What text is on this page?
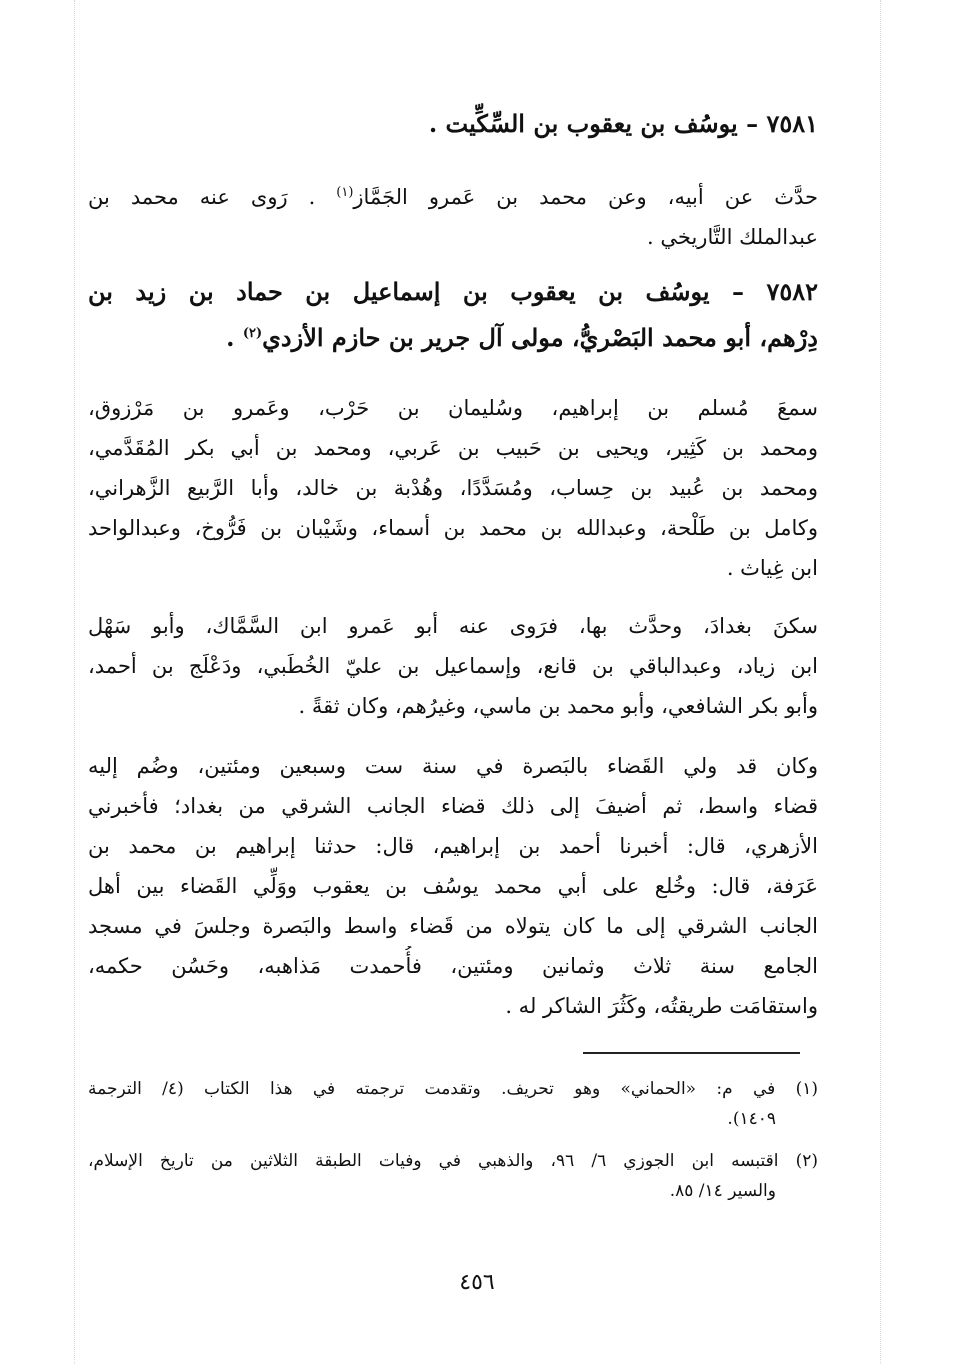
٧٥٨١ – يوسُف بن يعقوب بن السِّكِّيت .
حدَّث عن أبيه، وعن محمد بن عَمرو الجَمَّاز$^{(١)}$ . رَوى عنه محمد بن
عبدالملك التَّاريخي .
٧٥٨٢ – يوسُف بن يعقوب بن إسماعيل بن حماد بن زيد بن
دِرْهم، أبو محمد البَصْريُّ، مولى آل جرير بن حازم الأزدي$^{(٢)}$ .
سمعَ مُسلم بن إبراهيم، وسُليمان بن حَرْب، وعَمرو بن مَرْزوق،
ومحمد بن كَثِير، ويحيى بن حَبيب بن عَربي، ومحمد بن أبي بكر المُقَدَّمي،
ومحمد بن عُبيد بن حِساب، ومُسَدَّدًا، وهُدْبة بن خالد، وأبا الرَّبيع الزَّهراني،
وكامل بن طَلْحة، وعبدالله بن محمد بن أسماء، وشَيْبان بن فَرُّوخ، وعبدالواحد
ابن غِياث .
سكنَ بغدادَ، وحدَّث بها، فرَوى عنه أبو عَمرو ابن السَّمَّاك، وأبو سَهْل
ابن زياد، وعبدالباقي بن قانع، وإسماعيل بن عليّ الخُطَبي، ودَعْلَج بن أحمد،
وأبو بكر الشافعي، وأبو محمد بن ماسي، وغيرُهم، وكان ثقةً .
وكان قد ولي القَضاء بالبَصرة في سنة ست وسبعين ومئتين، وضُم إليه
قضاء واسط، ثم أضيفَ إلى ذلك قضاء الجانب الشرقي من بغداد؛ فأخبرني
الأزهري، قال: أخبرنا أحمد بن إبراهيم، قال: حدثنا إبراهيم بن محمد بن
عَرَفة، قال: وخُلع على أبي محمد يوسُف بن يعقوب ووَلِّي القَضاء بين أهل
الجانب الشرقي إلى ما كان يتولاه من قَضاء واسط والبَصرة وجلسَ في مسجد
الجامع سنة ثلاث وثمانين ومئتين، فأُحمدت مَذاهبه، وحَسُن حكمه،
واستقامَت طريقتُه، وكَثُرَ الشاكر له .
(١) في م: «الحماني» وهو تحريف. وتقدمت ترجمته في هذا الكتاب (٤/ الترجمة
١٤٠٩).
(٢) اقتبسه ابن الجوزي ٦/ ٩٦، والذهبي في وفيات الطبقة الثلاثين من تاريخ الإسلام،
والسير ١٤/ ٨٥.
٤٥٦
